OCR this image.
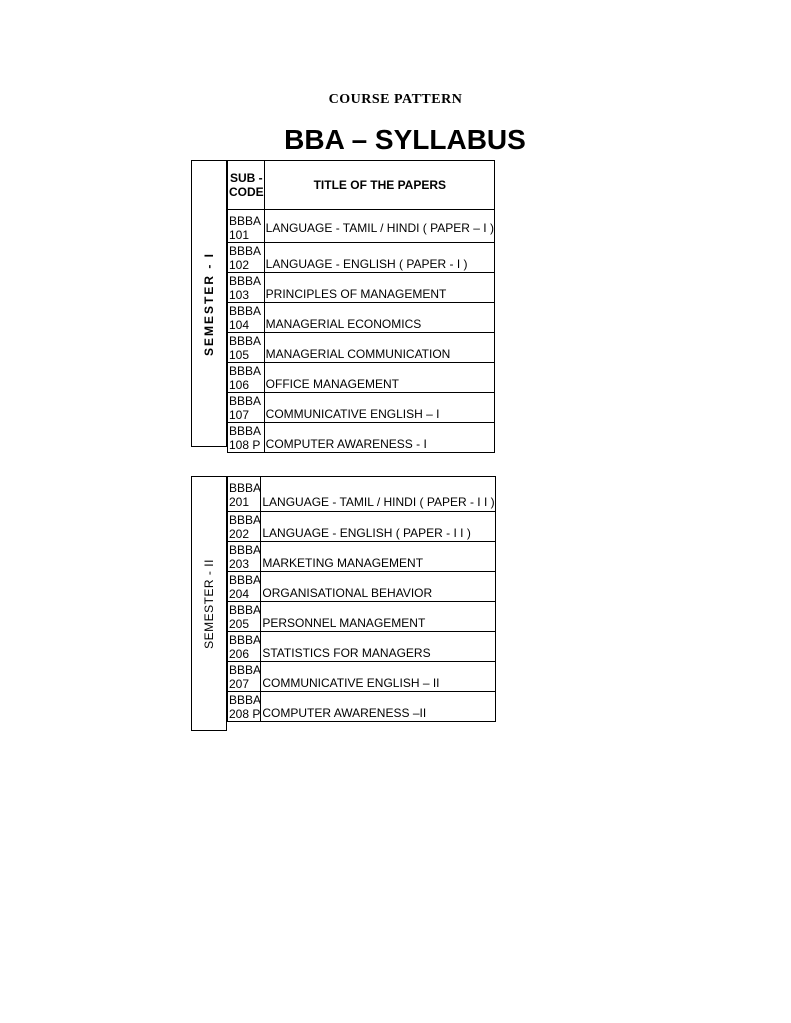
COURSE PATTERN
BBA – SYLLABUS
SEMESTER - I
SUB - CODE	TITLE OF THE PAPERS
BBBA 101	LANGUAGE - TAMIL / HINDI ( PAPER – I )
BBBA 102	LANGUAGE - ENGLISH ( PAPER - I )
BBBA 103	PRINCIPLES OF MANAGEMENT
BBBA 104	MANAGERIAL ECONOMICS
BBBA 105	MANAGERIAL COMMUNICATION
BBBA 106	OFFICE MANAGEMENT
BBBA 107	COMMUNICATIVE ENGLISH – I
BBBA 108 P	COMPUTER AWARENESS - I
SEMESTER - II
BBBA 201	LANGUAGE - TAMIL / HINDI ( PAPER - I I )
BBBA 202	LANGUAGE - ENGLISH ( PAPER - I I )
BBBA 203	MARKETING MANAGEMENT
BBBA 204	ORGANISATIONAL BEHAVIOR
BBBA 205	PERSONNEL MANAGEMENT
BBBA 206	STATISTICS FOR MANAGERS
BBBA 207	COMMUNICATIVE ENGLISH – II
BBBA 208 P	COMPUTER AWARENESS –II
